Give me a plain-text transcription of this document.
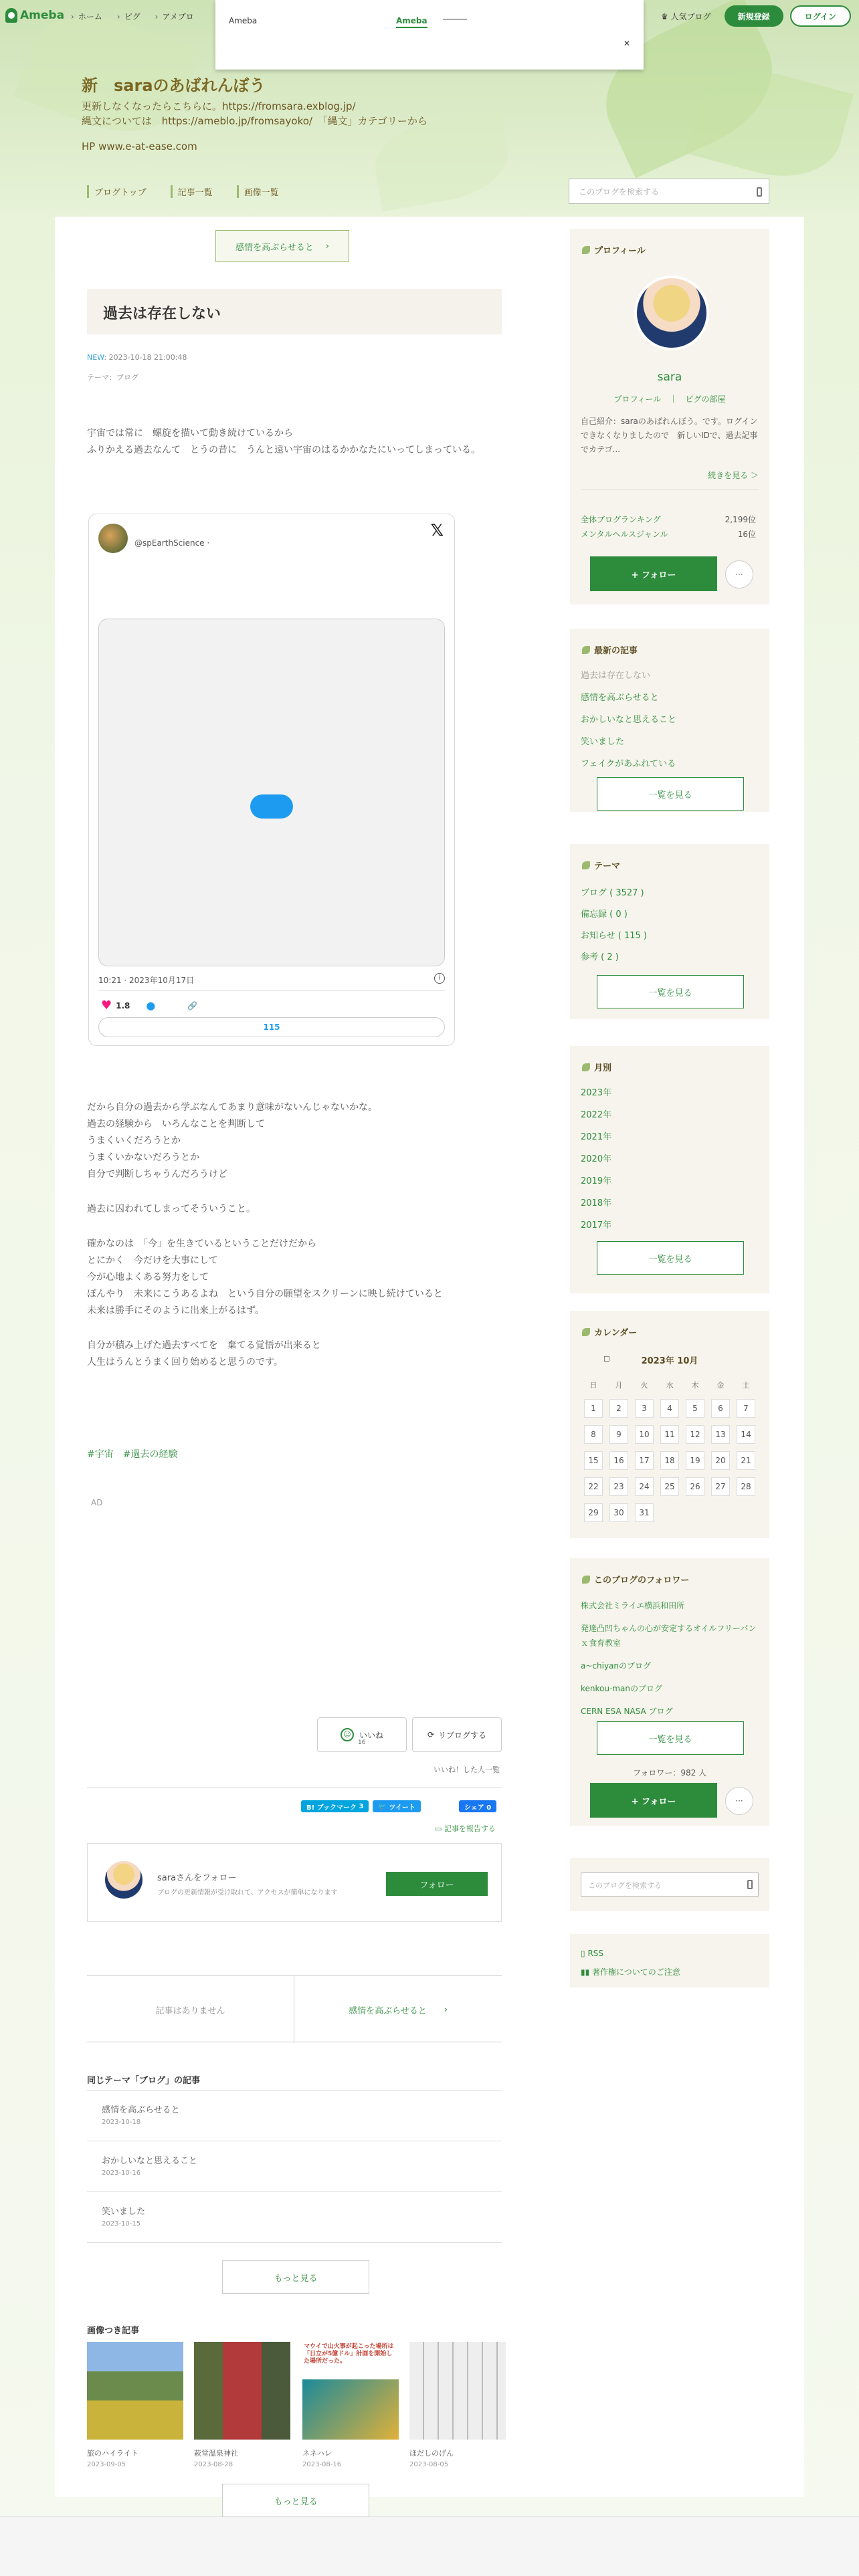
Ameba	› ホーム	› ピグ	› アメブロ	♛ 人気ブログ	新規登録	ログイン
Ameba	Ameba
✕
新　saraのあばれんぼう
更新しなくなったらこちらに。https://fromsara.exblog.jp/
縄文については　https://ameblo.jp/fromsayoko/　「縄文」カテゴリーから
HP www.e-at-ease.com
ブログトップ	記事一覧	画像一覧	このブログを検索する
感情を高ぶらせると ›
過去は存在しない
NEW: 2023-10-18 21:00:48
テーマ：ブログ
宇宙では常に　螺旋を描いて動き続けているから
ふりかえる過去なんて　とうの昔に　うんと遠い宇宙のはるかかなたにいってしまっている。
@spEarthScience ·
𝕏
10:21 · 2023年10月17日	i
♥ 1.8 ●	🔗
115
だから自分の過去から学ぶなんてあまり意味がないんじゃないかな。
過去の経験から　いろんなことを判断して
うまくいくだろうとか
うまくいかないだろうとか
自分で判断しちゃうんだろうけど
過去に囚われてしまってそういうこと。
確かなのは　「今」を生きているということだけだから
とにかく　今だけを大事にして
今が心地よくある努力をして
ぼんやり　未来にこうあるよね　という自分の願望をスクリーンに映し続けていると
未来は勝手にそのように出来上がるはず。
自分が積み上げた過去すべてを　棄てる覚悟が出来ると
人生はうんとうまく回り始めると思うのです。
#宇宙 #過去の経験
AD
☺	いいね
16
⟳ リブログする
いいね！した人一覧
B! ブックマーク
3 🐦
ツイート	シェア 0
▭ 記事を報告する
saraさんをフォロー
ブログの更新情報が受け取れて、アクセスが簡単になります
フォロー
記事はありません	感情を高ぶらせると ›
同じテーマ「ブログ」の記事
感情を高ぶらせると
2023-10-18
おかしいなと思えること
2023-10-16
笑いました
2023-10-15
もっと見る
画像つき記事
マウイで山火事が起こった場所は「日立が5億ドル」計画を開始した場所だった。
旅のハイライト	萩堂温泉神社	ネネハレ	ほだしのげん
2023-09-05	2023-08-28	2023-08-16	2023-08-05
もっと見る
プロフィール
sara
プロフィール　｜　ピグの部屋
自己紹介：saraのあばれんぼう。です。ログインできなくなりましたので　新しいIDで、過去記事でカテゴ...
続きを見る ＞
全体ブログランキング	2,199位
メンタルヘルスジャンル	16位
+ フォロー	···
最新の記事
過去は存在しない
感情を高ぶらせると
おかしいなと思えること
笑いました
フェイクがあふれている
一覧を見る
テーマ
ブログ ( 3527 )
備忘録 ( 0 )
お知らせ ( 115 )
参考 ( 2 )
一覧を見る
月別
2023年
2022年
2021年
2020年
2019年
2018年
2017年
一覧を見る
カレンダー
◻	2023年 10月
日	月	火	水	木	金	土
1	2	3	4	5	6	7
8	9	10	11	12	13	14
15	16	17	18	19	20	21
22	23	24	25	26	27	28
29	30	31				
このブログのフォロワー
株式会社ミライエ横浜和田所
発達凸凹ちゃんの心が安定するオイルフリーパンｘ食育教室
a~chiyanのブログ
kenkou-manのブログ
CERN ESA NASA ブログ
一覧を見る
フォロワー：982 人
+ フォロー	···
このブログを検索する
▯ RSS
▮▮ 著作権についてのご注意
